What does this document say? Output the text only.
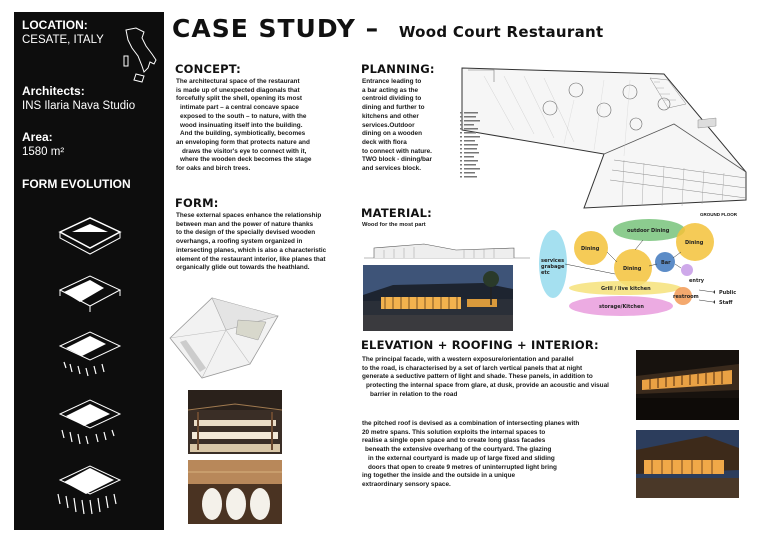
LOCATION:
CESATE, ITALY
Architects:
INS Ilaria Nava Studio
Area:
1580 m²
FORM EVOLUTION
CASE STUDY – Wood Court Restaurant
CONCEPT:
The architectural space of the restaurant
is made up of unexpected diagonals that
forcefully split the shell, opening its most
intimate part – a central concave space
exposed to the south – to nature, with the
wood insinuating itself into the building.
And the building, symbiotically, becomes
an enveloping form that protects nature and
draws the visitor's eye to connect with it,
where the wooden deck becomes the stage
for oaks and birch trees.
FORM:
These external spaces enhance the relationship
between man and the power of nature thanks
to the design of the specially devised wooden
overhangs, a roofing system organized in
intersecting planes, which is also a characteristic
element of the restaurant interior, like planes that
organically glide out towards the heathland.
PLANNING:
Entrance leading to
a bar acting as the
centroid dividing to
dining and further to
kitchens and other
services.Outdoor
dining on a wooden
deck with flora
to connect with nature.
TWO block - dining/bar
and services block.
GROUND FLOOR
MATERIAL:
Wood for the most part
services grabage etc
outdoor Dining
Dining
Dining
Dining
Bar
entry
Grill / live kitchen
storage/Kitchen
restroom
Public
Staff
ELEVATION + ROOFING + INTERIOR:
The principal facade, with a western exposure/orientation and parallel
to the road, is characterised by a set of larch vertical panels that at night
generate a seductive pattern of light and shade. These panels, in addition to
protecting the internal space from glare, at dusk, provide an acoustic and visual
barrier in relation to the road
the pitched roof is devised as a combination of intersecting planes with
20 metre spans. This solution exploits the internal spaces to
realise a single open space and to create long glass facades
beneath the extensive overhang of the courtyard. The glazing
in the external courtyard is made up of large fixed and sliding
doors that open to create 9 metres of uninterrupted light bring
ing together the inside and the outside in a unique
extraordinary sensory space.
